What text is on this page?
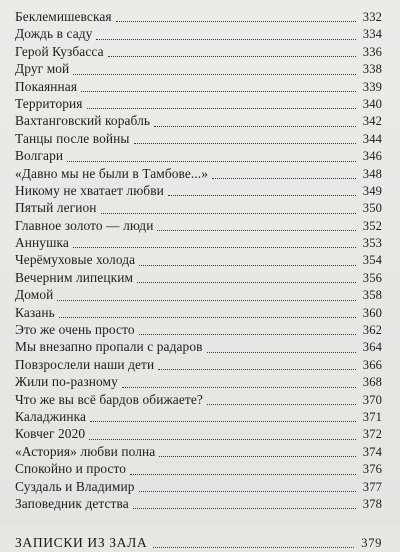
Беклемишевская	332
Дождь в саду	334
Герой Кузбасса	336
Друг мой	338
Покаянная	339
Территория	340
Вахтанговский корабль	342
Танцы после войны	344
Волгари	346
«Давно мы не были в Тамбове...»	348
Никому не хватает любви	349
Пятый легион	350
Главное золото — люди	352
Аннушка	353
Черёмуховые холода	354
Вечерним липецким	356
Домой	358
Казань	360
Это же очень просто	362
Мы внезапно пропали с радаров	364
Повзрослели наши дети	366
Жили по-разному	368
Что же вы всё бардов обижаете?	370
Каладжинка	371
Ковчег 2020	372
«Астория» любви полна	374
Спокойно и просто	376
Суздаль и Владимир	377
Заповедник детства	378
ЗАПИСКИ ИЗ ЗАЛА	379
